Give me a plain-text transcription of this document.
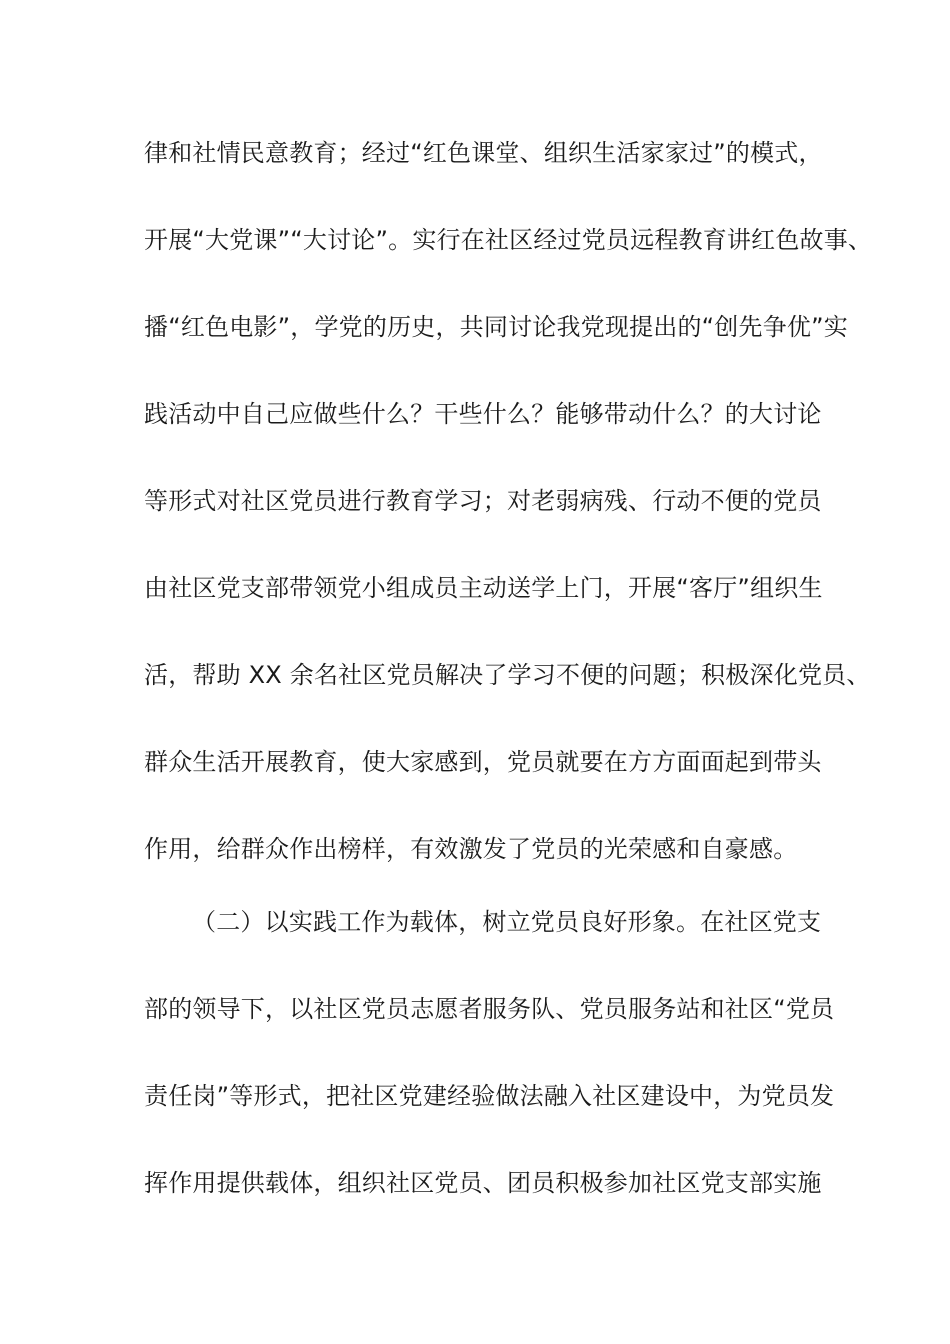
律和社情民意教育；经过“红色课堂、组织生活家家过”的模式，
开展“大党课”“大讨论”。实行在社区经过党员远程教育讲红色故事、
播“红色电影”，学党的历史，共同讨论我党现提出的“创先争优”实
践活动中自己应做些什么？干些什么？能够带动什么？的大讨论
等形式对社区党员进行教育学习；对老弱病残、行动不便的党员
由社区党支部带领党小组成员主动送学上门，开展“客厅”组织生
活，帮助 XX 余名社区党员解决了学习不便的问题；积极深化党员、
群众生活开展教育，使大家感到，党员就要在方方面面起到带头
作用，给群众作出榜样，有效激发了党员的光荣感和自豪感。
（二）以实践工作为载体，树立党员良好形象。在社区党支
部的领导下，以社区党员志愿者服务队、党员服务站和社区“党员
责任岗”等形式，把社区党建经验做法融入社区建设中，为党员发
挥作用提供载体，组织社区党员、团员积极参加社区党支部实施
